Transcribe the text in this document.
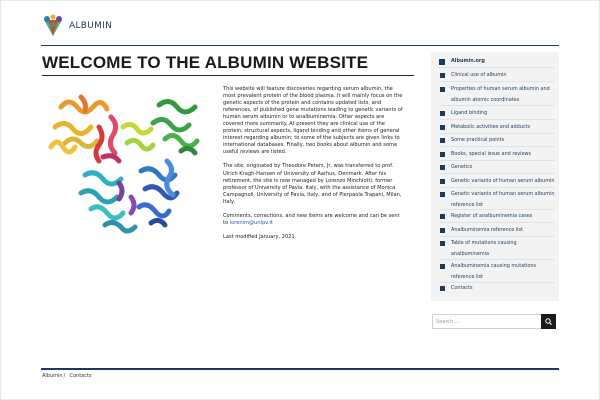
ALBUMIN
WELCOME TO THE ALBUMIN WEBSITE

This website will feature discoveries regarding serum albumin, the most prevalent protein of the blood plasma. It will mainly focus on the genetic aspects of the protein and contains updated lists, and references, of published gene mutations leading to genetic variants of human serum albumin or to analbuminemia. Other aspects are covered more summarily. At present they are clinical use of the protein, structural aspects, ligand binding and other items of general interest regarding albumin; to some of the subjects are given links to international databases. Finally, two books about albumin and some useful reviews are listed.

The site, originated by Theodore Peters, Jr, was transferred to prof. Ulrich Kragh-Hansen of University of Aarhus, Denmark. After his retirement, the site is now managed by Lorenzo Minchiotti, former professor of University of Pavia, Italy, with the assistance of Monica Campagnoli, University of Pavia, Italy, and of Pierpaola Trapani, Milan, Italy.

Comments, corrections, and new items are welcome and can be sent to lorenim@unipv.it

Last modified January, 2021.

Albumin.org
Clinical use of albumin
Properties of human serum albumin and albumin atomic coordinates
Ligand binding
Metabolic activities and adducts
Some practical points
Books, special issue and reviews
Genetics
Genetic variants of human serum albumin
Genetic variants of human serum albumin reference list
Register of analbuminemia cases
Analbuminemia reference list
Table of mutations causing analbuminemia
Analbuminemia causing mutations reference list
Contacts
Search ...
Albumin/ Contacts
